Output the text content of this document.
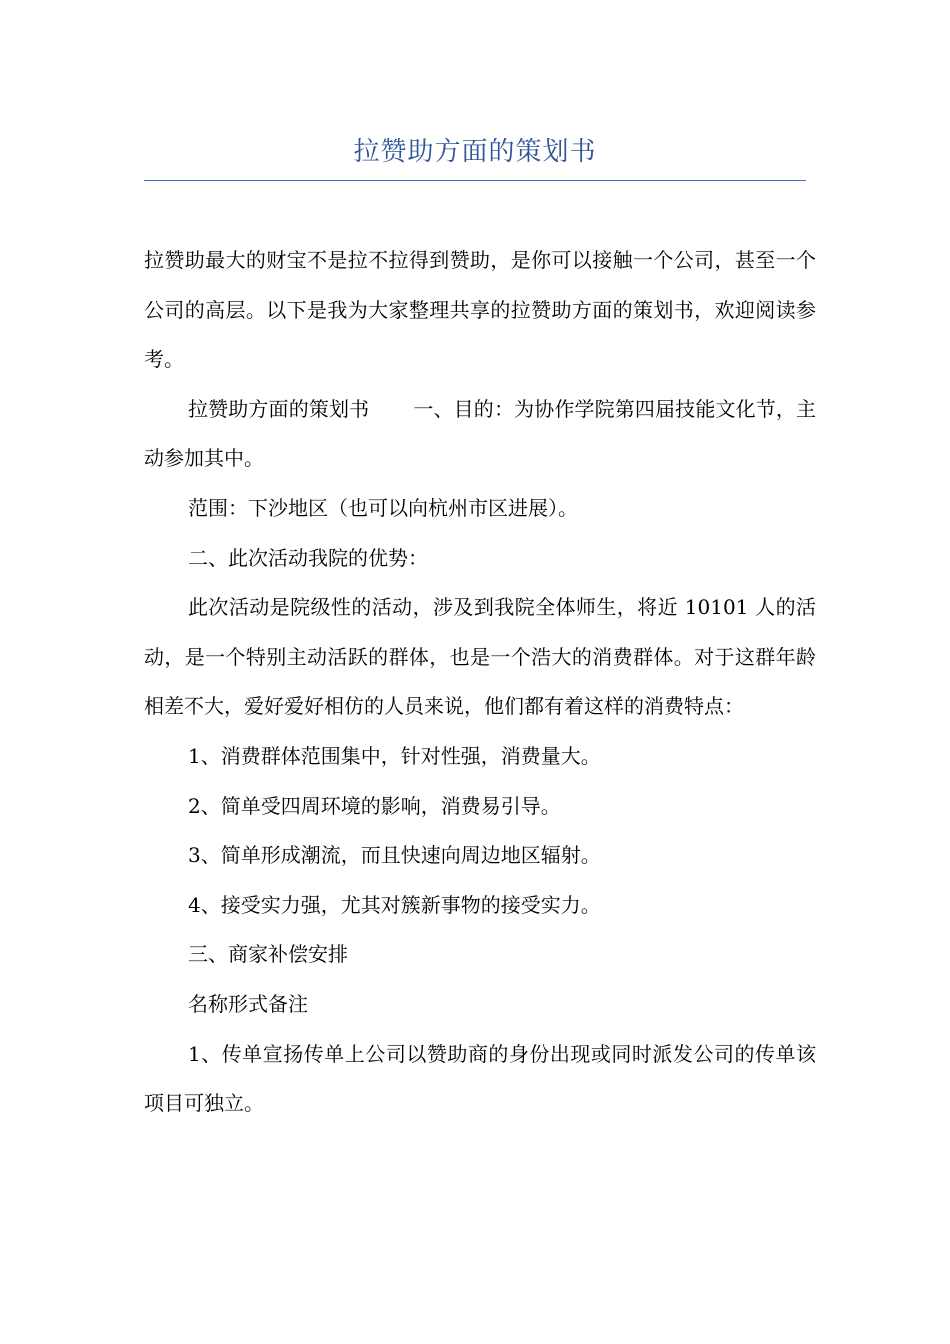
拉赞助方面的策划书

拉赞助最大的财宝不是拉不拉得到赞助，是你可以接触一个公司，甚至一个公司的高层。以下是我为大家整理共享的拉赞助方面的策划书，欢迎阅读参考。

拉赞助方面的策划书 一、目的：为协作学院第四届技能文化节，主动参加其中。

范围：下沙地区（也可以向杭州市区进展）。

二、此次活动我院的优势：

此次活动是院级性的活动，涉及到我院全体师生，将近 10101 人的活动，是一个特别主动活跃的群体，也是一个浩大的消费群体。对于这群年龄相差不大，爱好爱好相仿的人员来说，他们都有着这样的消费特点：

1、消费群体范围集中，针对性强，消费量大。

2、简单受四周环境的影响，消费易引导。

3、简单形成潮流，而且快速向周边地区辐射。

4、接受实力强，尤其对簇新事物的接受实力。

三、商家补偿安排

名称形式备注

1、传单宣扬传单上公司以赞助商的身份出现或同时派发公司的传单该项目可独立。
